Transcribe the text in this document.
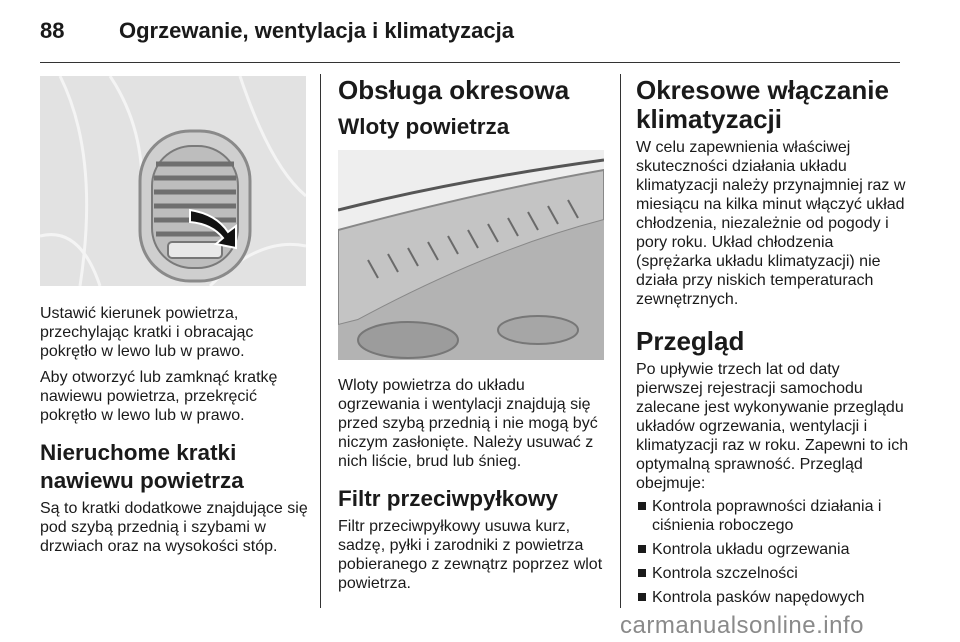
88 Ogrzewanie, wentylacja i klimatyzacja

Ustawić kierunek powietrza, przechylając kratki i obracając pokrętło w lewo lub w prawo.

Aby otworzyć lub zamknąć kratkę nawiewu powietrza, przekręcić pokrętło w lewo lub w prawo.

Nieruchome kratki nawiewu powietrza

Są to kratki dodatkowe znajdujące się pod szybą przednią i szybami w drzwiach oraz na wysokości stóp.

Obsługa okresowa
Wloty powietrza

Wloty powietrza do układu ogrzewania i wentylacji znajdują się przed szybą przednią i nie mogą być niczym zasłonięte. Należy usuwać z nich liście, brud lub śnieg.

Filtr przeciwpyłkowy

Filtr przeciwpyłkowy usuwa kurz, sadzę, pyłki i zarodniki z powietrza pobieranego z zewnątrz poprzez wlot powietrza.

Okresowe włączanie klimatyzacji

W celu zapewnienia właściwej skuteczności działania układu klimatyzacji należy przynajmniej raz w miesiącu na kilka minut włączyć układ chłodzenia, niezależnie od pogody i pory roku. Układ chłodzenia (sprężarka układu klimatyzacji) nie działa przy niskich temperaturach zewnętrznych.

Przegląd

Po upływie trzech lat od daty pierwszej rejestracji samochodu zalecane jest wykonywanie przeglądu układów ogrzewania, wentylacji i klimatyzacji raz w roku. Zapewni to ich optymalną sprawność. Przegląd obejmuje:

Kontrola poprawności działania i ciśnienia roboczego
Kontrola układu ogrzewania
Kontrola szczelności
Kontrola pasków napędowych
carmanualsonline.info
